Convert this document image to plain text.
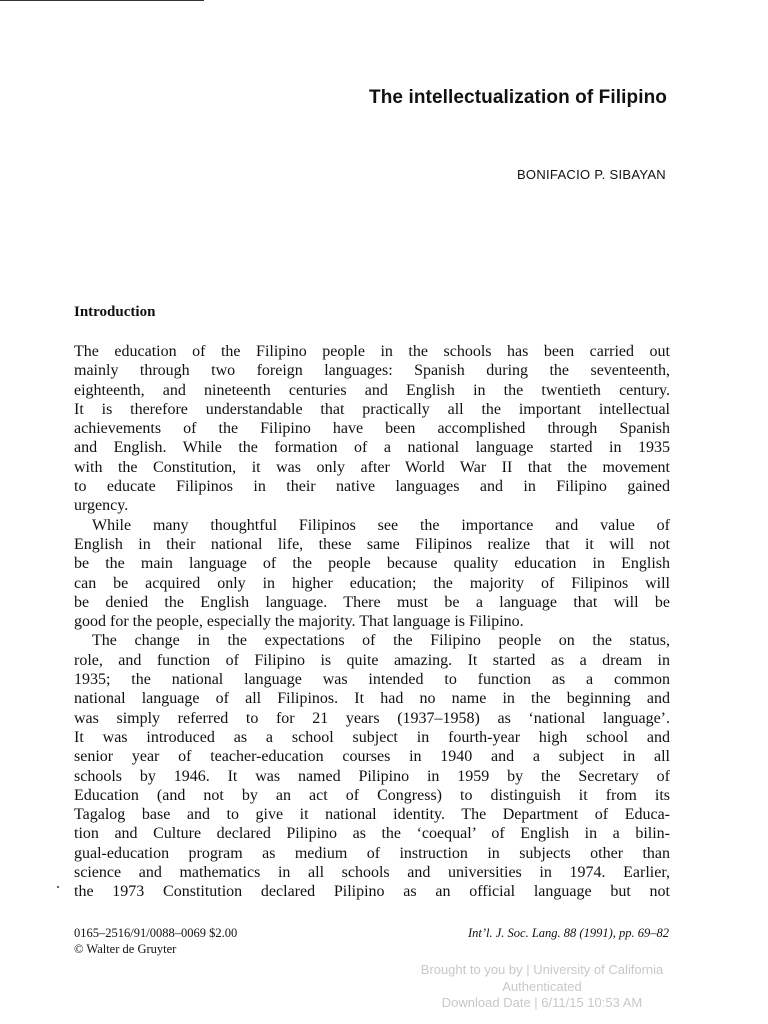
The intellectualization of Filipino
BONIFACIO P. SIBAYAN
Introduction
The education of the Filipino people in the schools has been carried out
mainly through two foreign languages: Spanish during the seventeenth,
eighteenth, and nineteenth centuries and English in the twentieth century.
It is therefore understandable that practically all the important intellectual
achievements of the Filipino have been accomplished through Spanish
and English. While the formation of a national language started in 1935
with the Constitution, it was only after World War II that the movement
to educate Filipinos in their native languages and in Filipino gained
urgency.
While many thoughtful Filipinos see the importance and value of
English in their national life, these same Filipinos realize that it will not
be the main language of the people because quality education in English
can be acquired only in higher education; the majority of Filipinos will
be denied the English language. There must be a language that will be
good for the people, especially the majority. That language is Filipino.
The change in the expectations of the Filipino people on the status,
role, and function of Filipino is quite amazing. It started as a dream in
1935; the national language was intended to function as a common
national language of all Filipinos. It had no name in the beginning and
was simply referred to for 21 years (1937–1958) as ‘national language’.
It was introduced as a school subject in fourth-year high school and
senior year of teacher-education courses in 1940 and a subject in all
schools by 1946. It was named Pilipino in 1959 by the Secretary of
Education (and not by an act of Congress) to distinguish it from its
Tagalog base and to give it national identity. The Department of Educa-
tion and Culture declared Pilipino as the ‘coequal’ of English in a bilin-
gual-education program as medium of instruction in subjects other than
science and mathematics in all schools and universities in 1974. Earlier,
the 1973 Constitution declared Pilipino as an official language but not
0165–2516/91/0088–0069 $2.00
© Walter de Gruyter
Int’l. J. Soc. Lang. 88 (1991), pp. 69–82
Brought to you by | University of California
Authenticated
Download Date | 6/11/15 10:53 AM
